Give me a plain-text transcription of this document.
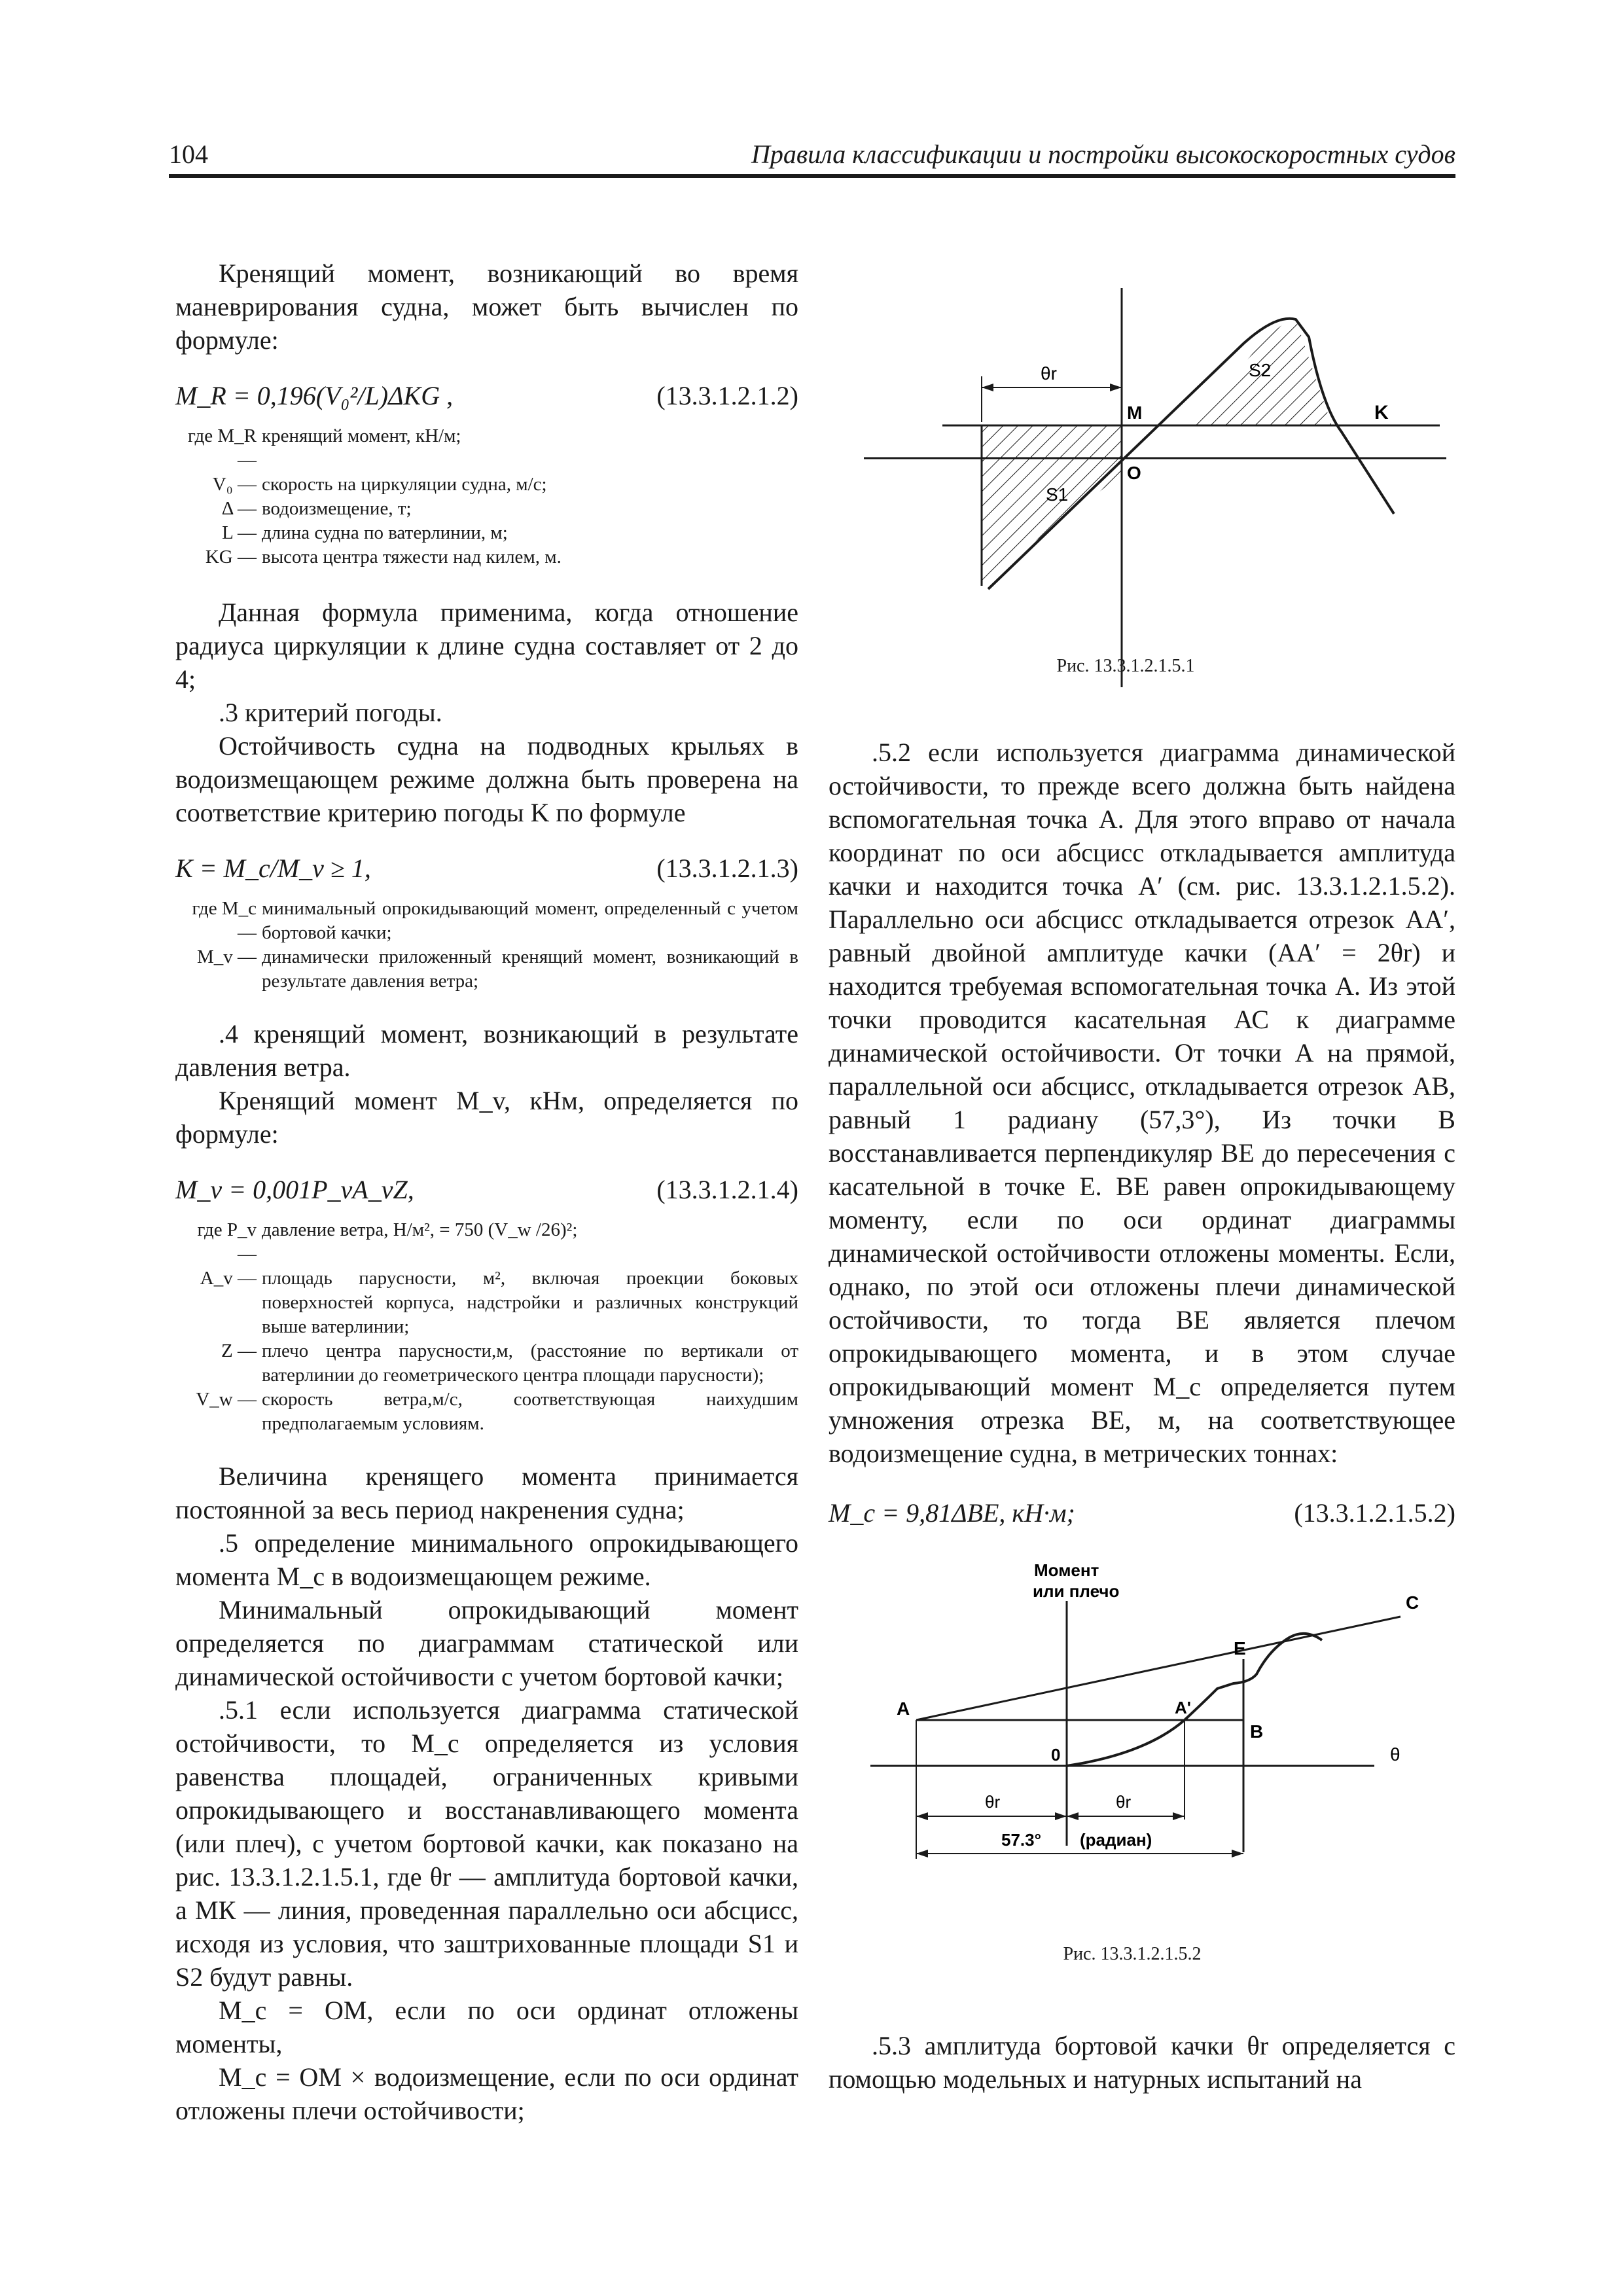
104	Правила классификации и постройки высокоскоростных судов

Кренящий момент, возникающий во время маневрирования судна, может быть вычислен по формуле:

M_R = 0,196(V₀²/L)ΔKG ,	(13.3.1.2.1.2)
где M_R —
кренящий момент, кН/м;
V₀ — скорость на циркуляции судна, м/с;
Δ — водоизмещение, т;
L — длина судна по ватерлинии, м;
KG — высота центра тяжести над килем, м.

Данная формула применима, когда отношение радиуса циркуляции к длине судна составляет от 2 до 4;

.3 критерий погоды.

Остойчивость судна на подводных крыльях в водоизмещающем режиме должна быть проверена на соответствие критерию погоды K по формуле

K = M_c/M_v ≥ 1,	(13.3.1.2.1.3)
где M_c —
минимальный опрокидывающий момент, определенный с учетом бортовой качки;
M_v — динамически приложенный кренящий момент, возникающий в результате давления ветра;

.4 кренящий момент, возникающий в результате давления ветра.

Кренящий момент M_v, кНм, определяется по формуле:

M_v = 0,001P_vA_vZ,	(13.3.1.2.1.4)
где P_v —
давление ветра, Н/м², = 750 (V_w /26)²;
A_v — площадь парусности, м², включая проекции боковых поверхностей корпуса, надстройки и различных конструкций выше ватерлинии;
Z — плечо центра парусности,м, (расстояние по вертикали от ватерлинии до геометрического центра площади парусности);
V_w — скорость ветра,м/с, соответствующая наихудшим предполагаемым условиям.

Величина кренящего момента принимается постоянной за весь период накренения судна;

.5 определение минимального опрокидывающего момента M_c в водоизмещающем режиме.

Минимальный опрокидывающий момент определяется по диаграммам статической или динамической остойчивости с учетом бортовой качки;

.5.1 если используется диаграмма статической остойчивости, то M_c определяется из условия равенства площадей, ограниченных кривыми опрокидывающего и восстанавливающего момента (или плеч), с учетом бортовой качки, как показано на рис. 13.3.1.2.1.5.1, где θr — амплитуда бортовой качки, а МК — линия, проведенная параллельно оси абсцисс, исходя из условия, что заштрихованные площади S1 и S2 будут равны.

M_c = OM, если по оси ординат отложены моменты,

M_c = OM × водоизмещение, если по оси ординат отложены плечи остойчивости;

θr
M
O
K
S1
S2
Рис. 13.3.1.2.1.5.1

.5.2 если используется диаграмма динамической остойчивости, то прежде всего должна быть найдена вспомогательная точка А. Для этого вправо от начала координат по оси абсцисс откладывается амплитуда качки и находится точка А′ (см. рис. 13.3.1.2.1.5.2). Параллельно оси абсцисс откладывается отрезок АА′, равный двойной амплитуде качки (АА′ = 2θr) и находится требуемая вспомогательная точка А. Из этой точки проводится касательная АС к диаграмме динамической остойчивости. От точки А на прямой, параллельной оси абсцисс, откладывается отрезок АВ, равный 1 радиану (57,3°), Из точки В восстанавливается перпендикуляр ВЕ до пересечения с касательной в точке Е. ВЕ равен опрокидывающему моменту, если по оси ординат диаграммы динамической остойчивости отложены моменты. Если, однако, по этой оси отложены плечи динамической остойчивости, то тогда ВЕ является плечом опрокидывающего момента, и в этом случае опрокидывающий момент M_c определяется путем умножения отрезка ВЕ, м, на соответствующее водоизмещение судна, в метрических тоннах:

M_c = 9,81ΔBE, кН·м;	(13.3.1.2.1.5.2)
Момент
или плечо
A	A'
B
C
E
0	θ
θr	θr
57.3° (радиан)
Рис. 13.3.1.2.1.5.2

.5.3 амплитуда бортовой качки θr определяется с помощью модельных и натурных испытаний на
